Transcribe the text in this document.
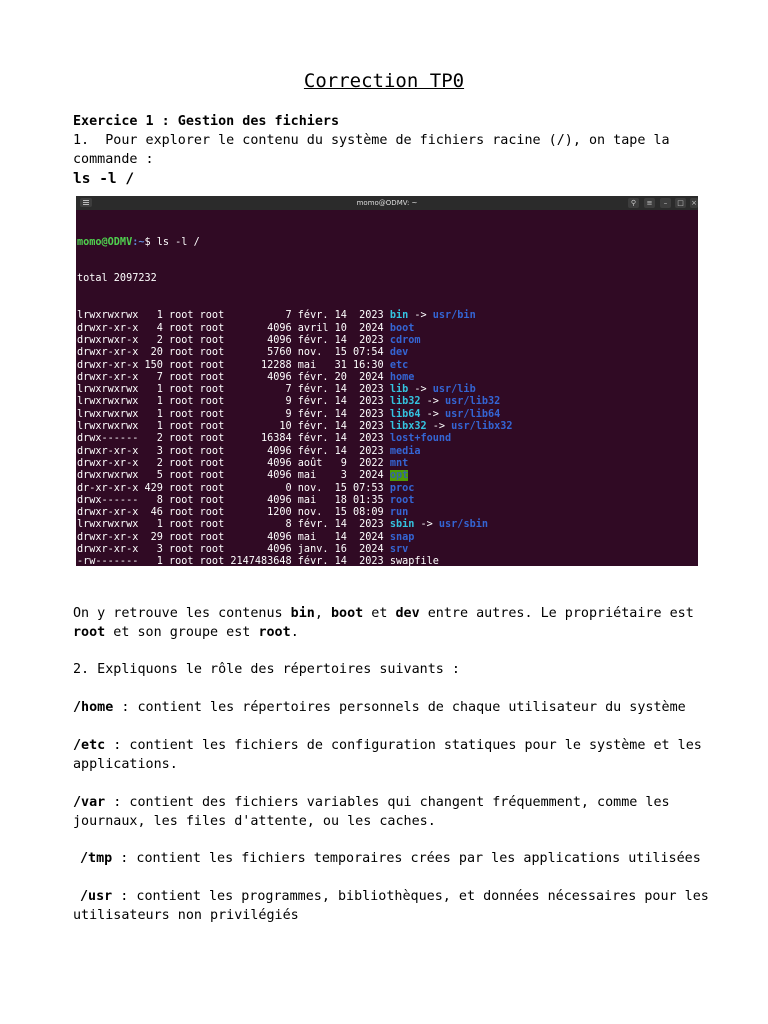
Correction TP0
Exercice 1 : Gestion des fichiers
1.  Pour explorer le contenu du système de fichiers racine (/), on tape la
commande :
ls -l /
momo@ODMV: ~	⚲	≡	–	□	×

momo@ODMV:~$ ls -l /

total 2097232

lrwxrwxrwx   1 root root          7 févr. 14  2023 bin -> usr/bin
drwxr-xr-x   4 root root       4096 avril 10  2024 boot
drwxrwxr-x   2 root root       4096 févr. 14  2023 cdrom
drwxr-xr-x  20 root root       5760 nov.  15 07:54 dev
drwxr-xr-x 150 root root      12288 mai   31 16:30 etc
drwxr-xr-x   7 root root       4096 févr. 20  2024 home
lrwxrwxrwx   1 root root          7 févr. 14  2023 lib -> usr/lib
lrwxrwxrwx   1 root root          9 févr. 14  2023 lib32 -> usr/lib32
lrwxrwxrwx   1 root root          9 févr. 14  2023 lib64 -> usr/lib64
lrwxrwxrwx   1 root root         10 févr. 14  2023 libx32 -> usr/libx32
drwx------   2 root root      16384 févr. 14  2023 lost+found
drwxr-xr-x   3 root root       4096 févr. 14  2023 media
drwxr-xr-x   2 root root       4096 août   9  2022 mnt
drwxrwxrwx   5 root root       4096 mai    3  2024 opt
dr-xr-xr-x 429 root root          0 nov.  15 07:53 proc
drwx------   8 root root       4096 mai   18 01:35 root
drwxr-xr-x  46 root root       1200 nov.  15 08:09 run
lrwxrwxrwx   1 root root          8 févr. 14  2023 sbin -> usr/sbin
drwxr-xr-x  29 root root       4096 mai   14  2024 snap
drwxr-xr-x   3 root root       4096 janv. 16  2024 srv
-rw-------   1 root root 2147483648 févr. 14  2023 swapfile

On y retrouve les contenus bin, boot et dev entre autres. Le propriétaire est
root et son groupe est root.
2. Expliquons le rôle des répertoires suivants :
/home : contient les répertoires personnels de chaque utilisateur du système
/etc : contient les fichiers de configuration statiques pour le système et les
applications.
/var : contient des fichiers variables qui changent fréquemment, comme les
journaux, les files d'attente, ou les caches.
/tmp : contient les fichiers temporaires crées par les applications utilisées
/usr : contient les programmes, bibliothèques, et données nécessaires pour les
utilisateurs non privilégiés
